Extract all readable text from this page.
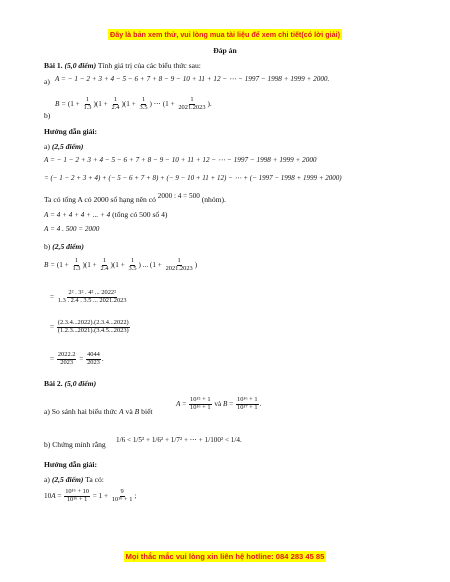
Đây là bản xem thử, vui lòng mua tài liệu để xem chi tiết(có lời giải)
Đáp án
Bài 1. (5,0 điểm) Tính giá trị của các biểu thức sau:
a) A = − 1 − 2 + 3 + 4 − 5 − 6 + 7 + 8 − 9 − 10 + 11 + 12 − ⋯ − 1997 − 1998 + 1999 + 2000.
b)
$B = (1 + \frac{1}{1.3} )(1 + \frac{1}{2.4} )(1 + \frac{1}{3.5}$ ) ⋯ ($1 + \frac{1}{2021.2023}$ ).
Hướng dẫn giải:
a) (2,5 điểm)
A = − 1 − 2 + 3 + 4 − 5 − 6 + 7 + 8 − 9 − 10 + 11 + 12 − ⋯ − 1997 − 1998 + 1999 + 2000
= (− 1 − 2 + 3 + 4) + (− 5 − 6 + 7 + 8) + (− 9 − 10 + 11 + 12) − ⋯ + (− 1997 − 1998 + 1999 + 2000)
Ta có tổng A có 2000 số hạng nên có 2000 : 4 = 500 (nhóm).
A = 4 + 4 + 4 + ... + 4 (tổng có 500 số 4)
A = 4 . 500 = 2000
b) (2,5 điểm)
$B = (1 + \frac{1}{1.3} )(1 + \frac{1}{2.4} )(1 + \frac{1}{3.5}$ ) ... ($1 + \frac{1}{2021.2023}$ )
= $\frac{\text{2² . 3² . 4² ... 2022²}}{1.3 . 2.4 . 3.5 ... 2021.2023}$
= $\frac{(2.3.4...2022).(2.3.4...2022)}{(1.2.3...2021).(3.4.5...2023)}$
= $\frac{2022.2}{2023} = \frac{4044}{2023}$ .
Bài 2. (5,0 điểm)
a) So sánh hai biểu thức A và B biết
$A = \frac{\text{10¹⁵ + 1}}{\text{10¹⁶ + 1}}$ và $B = \frac{\text{10¹⁶ + 1}}{\text{10¹⁷ + 1}}$ .
b) Chứng minh rằng 1/6 < 1/5² + 1/6² + 1/7² + ⋯ + 1/100² < 1/4.
Hướng dẫn giải:
a) (2,5 điểm) Ta có:
$10A = \frac{\text{10¹⁶ + 10}}{\text{10¹⁶ + 1}} = 1 + \frac{9}{\text{10¹⁶ + 1}}$ ;
Mọi thắc mắc vui lòng xin liên hệ hotline: 084 283 45 85
